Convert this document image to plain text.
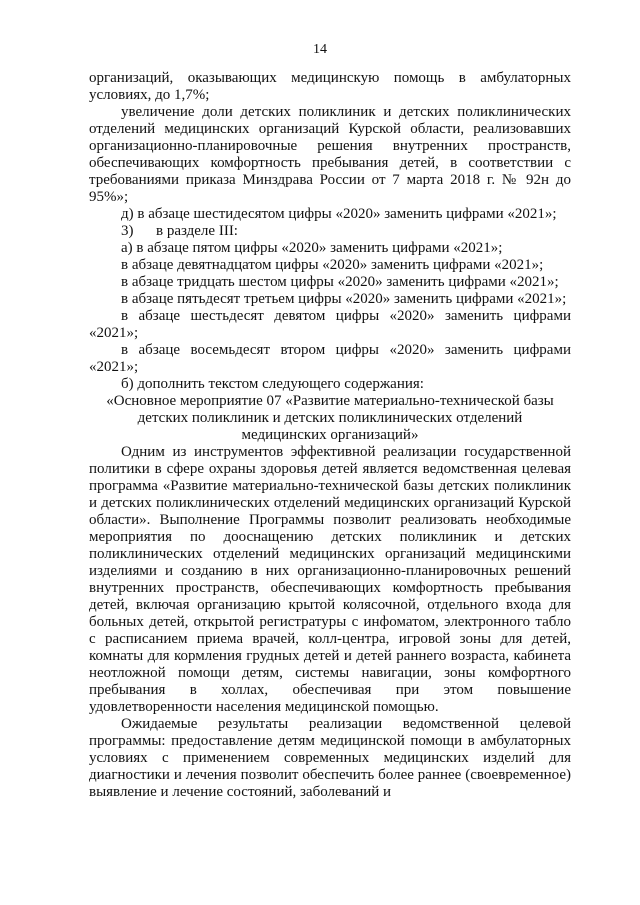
14

организаций, оказывающих медицинскую помощь в амбулаторных условиях, до 1,7%;

увеличение доли детских поликлиник и детских поликлинических отделений медицинских организаций Курской области, реализовавших организационно-планировочные решения внутренних пространств, обеспечивающих комфортность пребывания детей, в соответствии с требованиями приказа Минздрава России от 7 марта 2018 г. № 92н до 95%»;

д) в абзаце шестидесятом цифры «2020» заменить цифрами «2021»;

3)      в разделе III:

а) в абзаце пятом цифры «2020» заменить цифрами «2021»;

в абзаце девятнадцатом цифры «2020» заменить цифрами «2021»;

в абзаце тридцать шестом цифры «2020» заменить цифрами «2021»;

в абзаце пятьдесят третьем цифры «2020» заменить цифрами «2021»;

в абзаце шестьдесят девятом цифры «2020» заменить цифрами «2021»;

в абзаце восемьдесят втором цифры «2020» заменить цифрами «2021»;

б) дополнить текстом следующего содержания:

«Основное мероприятие 07 «Развитие материально-технической базы детских поликлиник и детских поликлинических отделений медицинских организаций»

Одним из инструментов эффективной реализации государственной политики в сфере охраны здоровья детей является ведомственная целевая программа «Развитие материально-технической базы детских поликлиник и детских поликлинических отделений медицинских организаций Курской области». Выполнение Программы позволит реализовать необходимые мероприятия по дооснащению детских поликлиник и детских поликлинических отделений медицинских организаций медицинскими изделиями и созданию в них организационно-планировочных решений внутренних пространств, обеспечивающих комфортность пребывания детей, включая организацию крытой колясочной, отдельного входа для больных детей, открытой регистратуры с инфоматом, электронного табло с расписанием приема врачей, колл-центра, игровой зоны для детей, комнаты для кормления грудных детей и детей раннего возраста, кабинета неотложной помощи детям, системы навигации, зоны комфортного пребывания в холлах, обеспечивая при этом повышение удовлетворенности населения медицинской помощью.

Ожидаемые результаты реализации ведомственной целевой программы: предоставление детям медицинской помощи в амбулаторных условиях с применением современных медицинских изделий для диагностики и лечения позволит обеспечить более раннее (своевременное) выявление и лечение состояний, заболеваний и
